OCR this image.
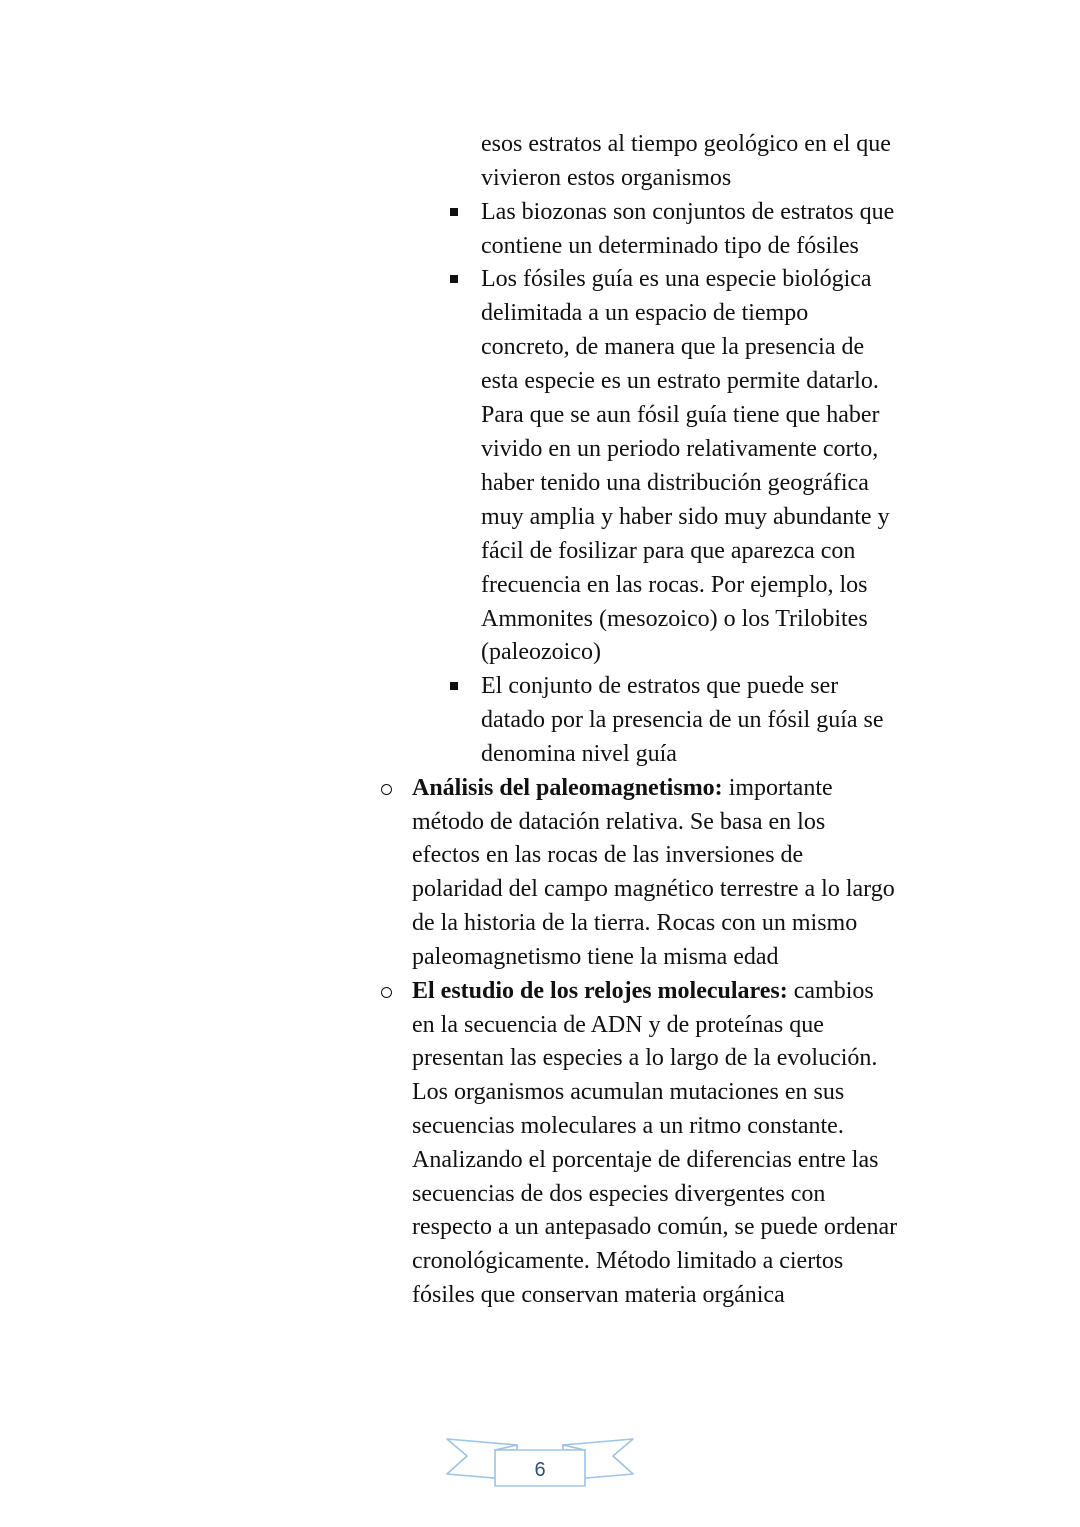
esos estratos al tiempo geológico en el que

vivieron estos organismos

Las biozonas son conjuntos de estratos que

contiene un determinado tipo de fósiles

Los fósiles guía es una especie biológica

delimitada a un espacio de tiempo

concreto, de manera que la presencia de

esta especie es un estrato permite datarlo.

Para que se aun fósil guía tiene que haber

vivido en un periodo relativamente corto,

haber tenido una distribución geográfica

muy amplia y haber sido muy abundante y

fácil de fosilizar para que aparezca con

frecuencia en las rocas. Por ejemplo, los

Ammonites (mesozoico) o los Trilobites

(paleozoico)

El conjunto de estratos que puede ser

datado por la presencia de un fósil guía se

denomina nivel guía

Análisis del paleomagnetismo: importante

método de datación relativa. Se basa en los

efectos en las rocas de las inversiones de

polaridad del campo magnético terrestre a lo largo

de la historia de la tierra. Rocas con un mismo

paleomagnetismo tiene la misma edad

El estudio de los relojes moleculares: cambios

en la secuencia de ADN y de proteínas que

presentan las especies a lo largo de la evolución.

Los organismos acumulan mutaciones en sus

secuencias moleculares a un ritmo constante.

Analizando el porcentaje de diferencias entre las

secuencias de dos especies divergentes con

respecto a un antepasado común, se puede ordenar

cronológicamente. Método limitado a ciertos

fósiles que conservan materia orgánica

6
